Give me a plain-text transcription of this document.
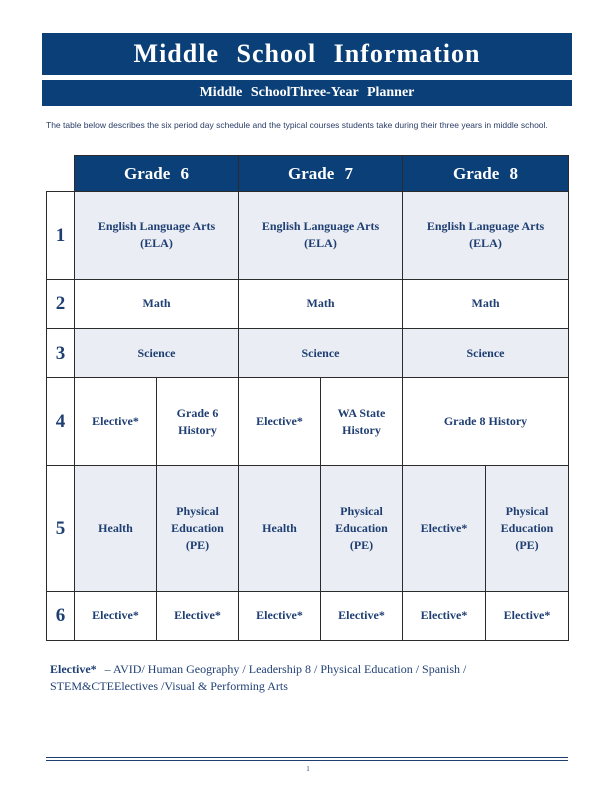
Middle School Information
Middle SchoolThree-Year Planner
The table below describes the six period day schedule and the typical courses students take during their three years in middle school.
	Grade 6		Grade 7		Grade 8	
1	English Language Arts (ELA)		English Language Arts (ELA)		English Language Arts (ELA)	
2	Math		Math		Math	
3	Science		Science		Science	
4	Elective*	Grade 6 History	Elective*	WA State History	Grade 8 History	
5	Health	Physical Education (PE)	Health	Physical Education (PE)	Elective*	Physical Education (PE)
6	Elective*	Elective*	Elective*	Elective*	Elective*	Elective*
Elective* – AVID/ Human Geography / Leadership 8 / Physical Education / Spanish / STEM&CTEElectives /Visual & Performing Arts
1
